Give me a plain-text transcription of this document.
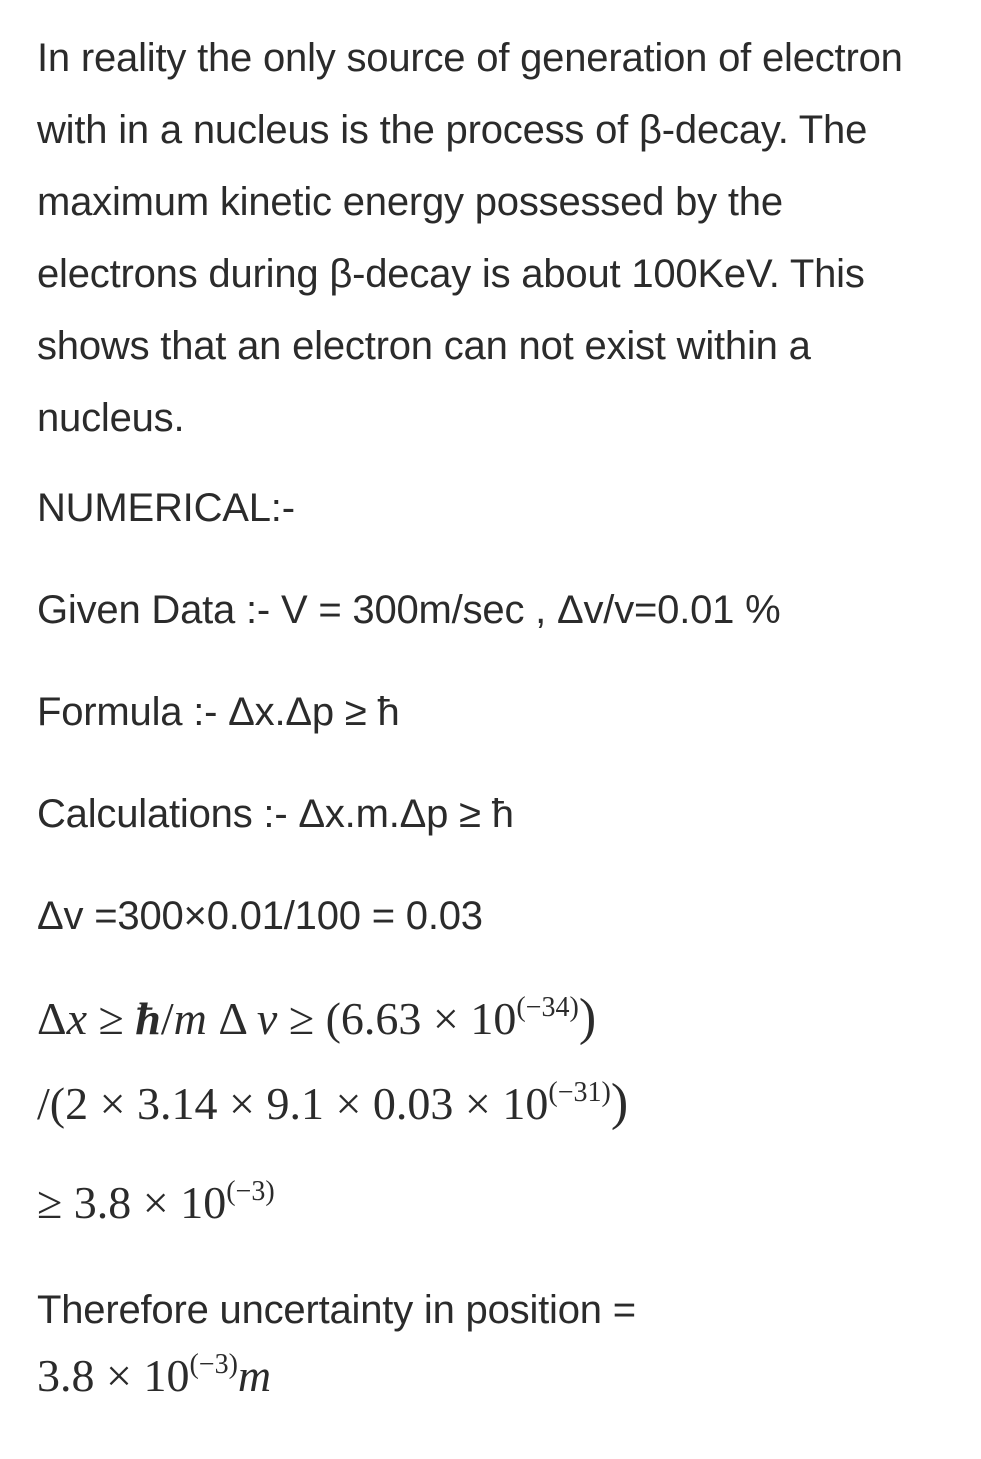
In reality the only source of generation of electron with in a nucleus is the process of β-decay. The maximum kinetic energy possessed by the electrons during β-decay is about 100KeV. This shows that an electron can not exist within a nucleus.

NUMERICAL:-

Given Data :- V = 300m/sec , Δv/v=0.01 %

Formula :- Δx.Δp ≥ ħ

Calculations :- Δx.m.Δp ≥ ħ

Δv =300×0.01/100 = 0.03

Δx ≥ ħ/m Δ $v \ge (6.63 \times 10^{(-34)})$

$/(2 \times 3.14 \times 9.1 \times 0.03 \times 10^{(-31)})$

≥ $3.8 \times 10^{(-3)}$

Therefore uncertainty in position =

$3.8 \times 10^{(-3)}m$
